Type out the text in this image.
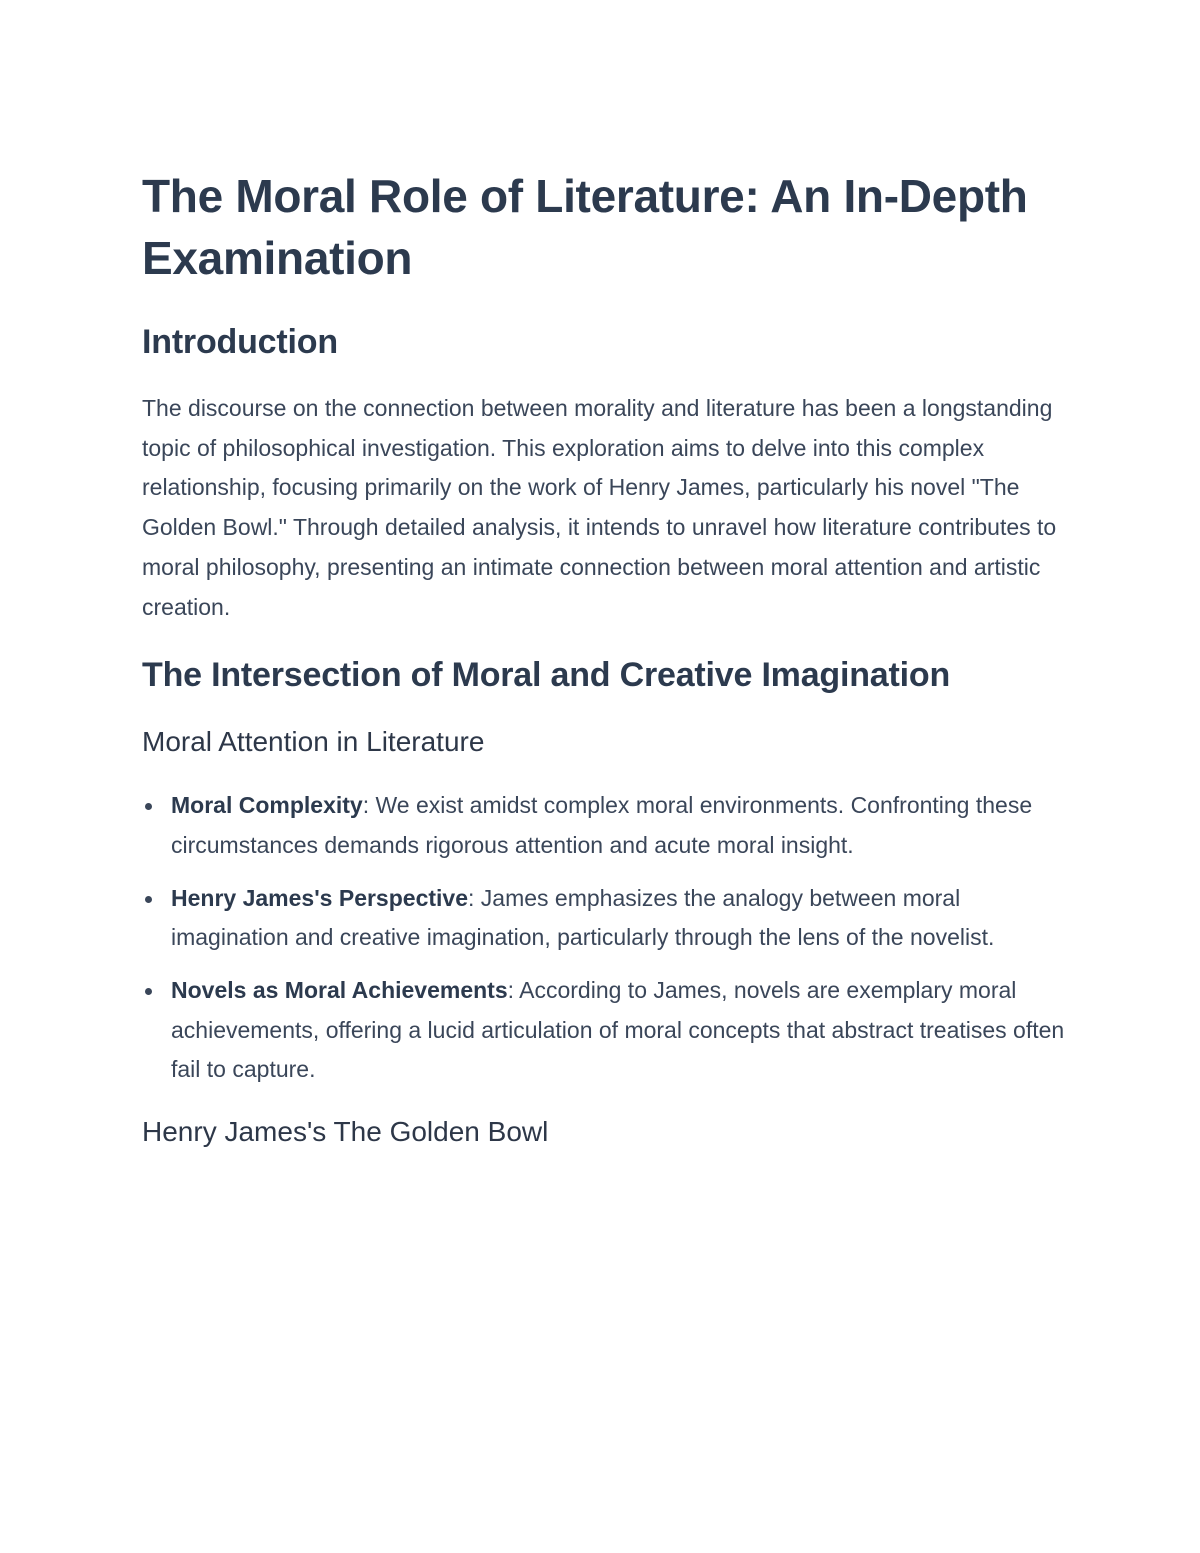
The Moral Role of Literature: An In-Depth Examination
Introduction

The discourse on the connection between morality and literature has been a longstanding topic of philosophical investigation. This exploration aims to delve into this complex relationship, focusing primarily on the work of Henry James, particularly his novel "The Golden Bowl." Through detailed analysis, it intends to unravel how literature contributes to moral philosophy, presenting an intimate connection between moral attention and artistic creation.

The Intersection of Moral and Creative Imagination
Moral Attention in Literature
Moral Complexity: We exist amidst complex moral environments. Confronting these circumstances demands rigorous attention and acute moral insight.
Henry James's Perspective: James emphasizes the analogy between moral imagination and creative imagination, particularly through the lens of the novelist.
Novels as Moral Achievements: According to James, novels are exemplary moral achievements, offering a lucid articulation of moral concepts that abstract treatises often fail to capture.
Henry James's The Golden Bowl
